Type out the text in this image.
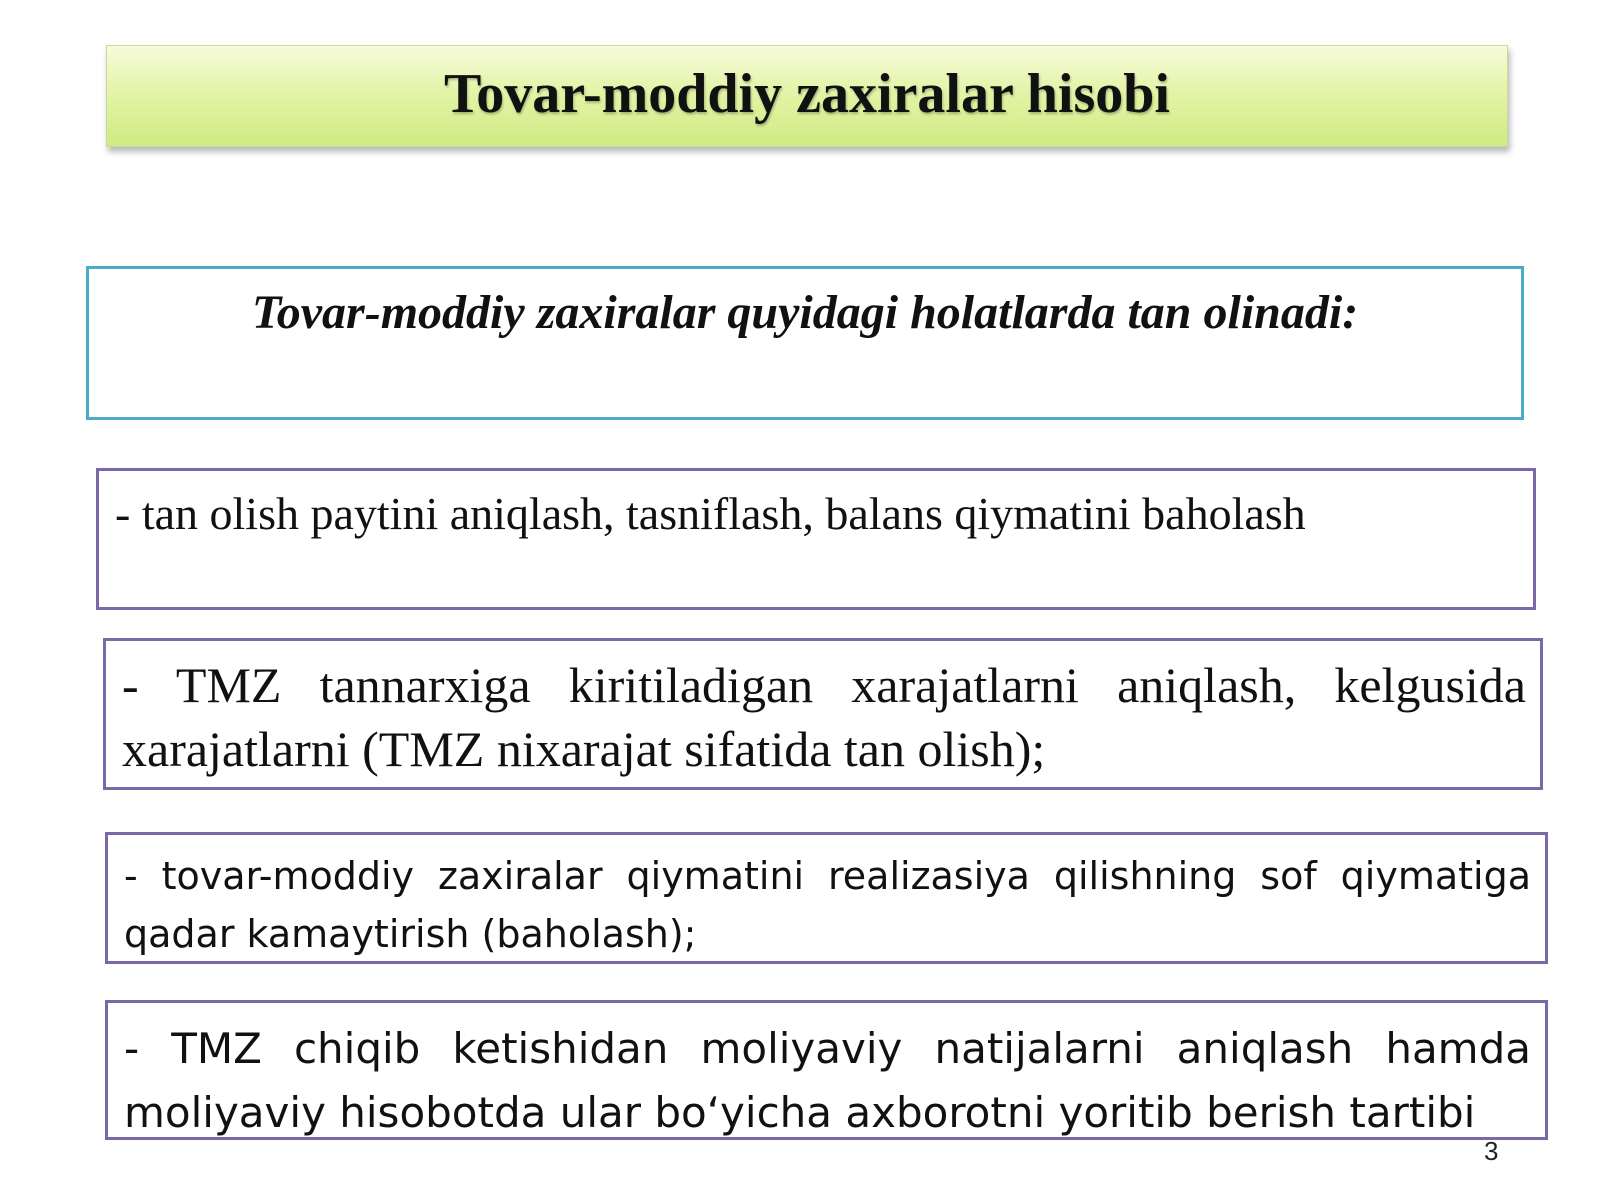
Tovar-moddiy zaxiralar hisobi
Tovar-moddiy zaxiralar quyidagi holatlarda tan olinadi:
- tan olish paytini aniqlash, tasniflash, balans qiymatini baholash
- TMZ tannarxiga kiritiladigan xarajatlarni aniqlash, kelgusida xarajatlarni (TMZ nixarajat sifatida tan olish);
- tovar-moddiy zaxiralar qiymatini realizasiya qilishning sof qiymatiga qadar kamaytirish (baholash);
- TMZ chiqib ketishidan moliyaviy natijalarni aniqlash hamda moliyaviy hisobotda ular bo‘yicha axborotni yoritib berish tartibi
3
